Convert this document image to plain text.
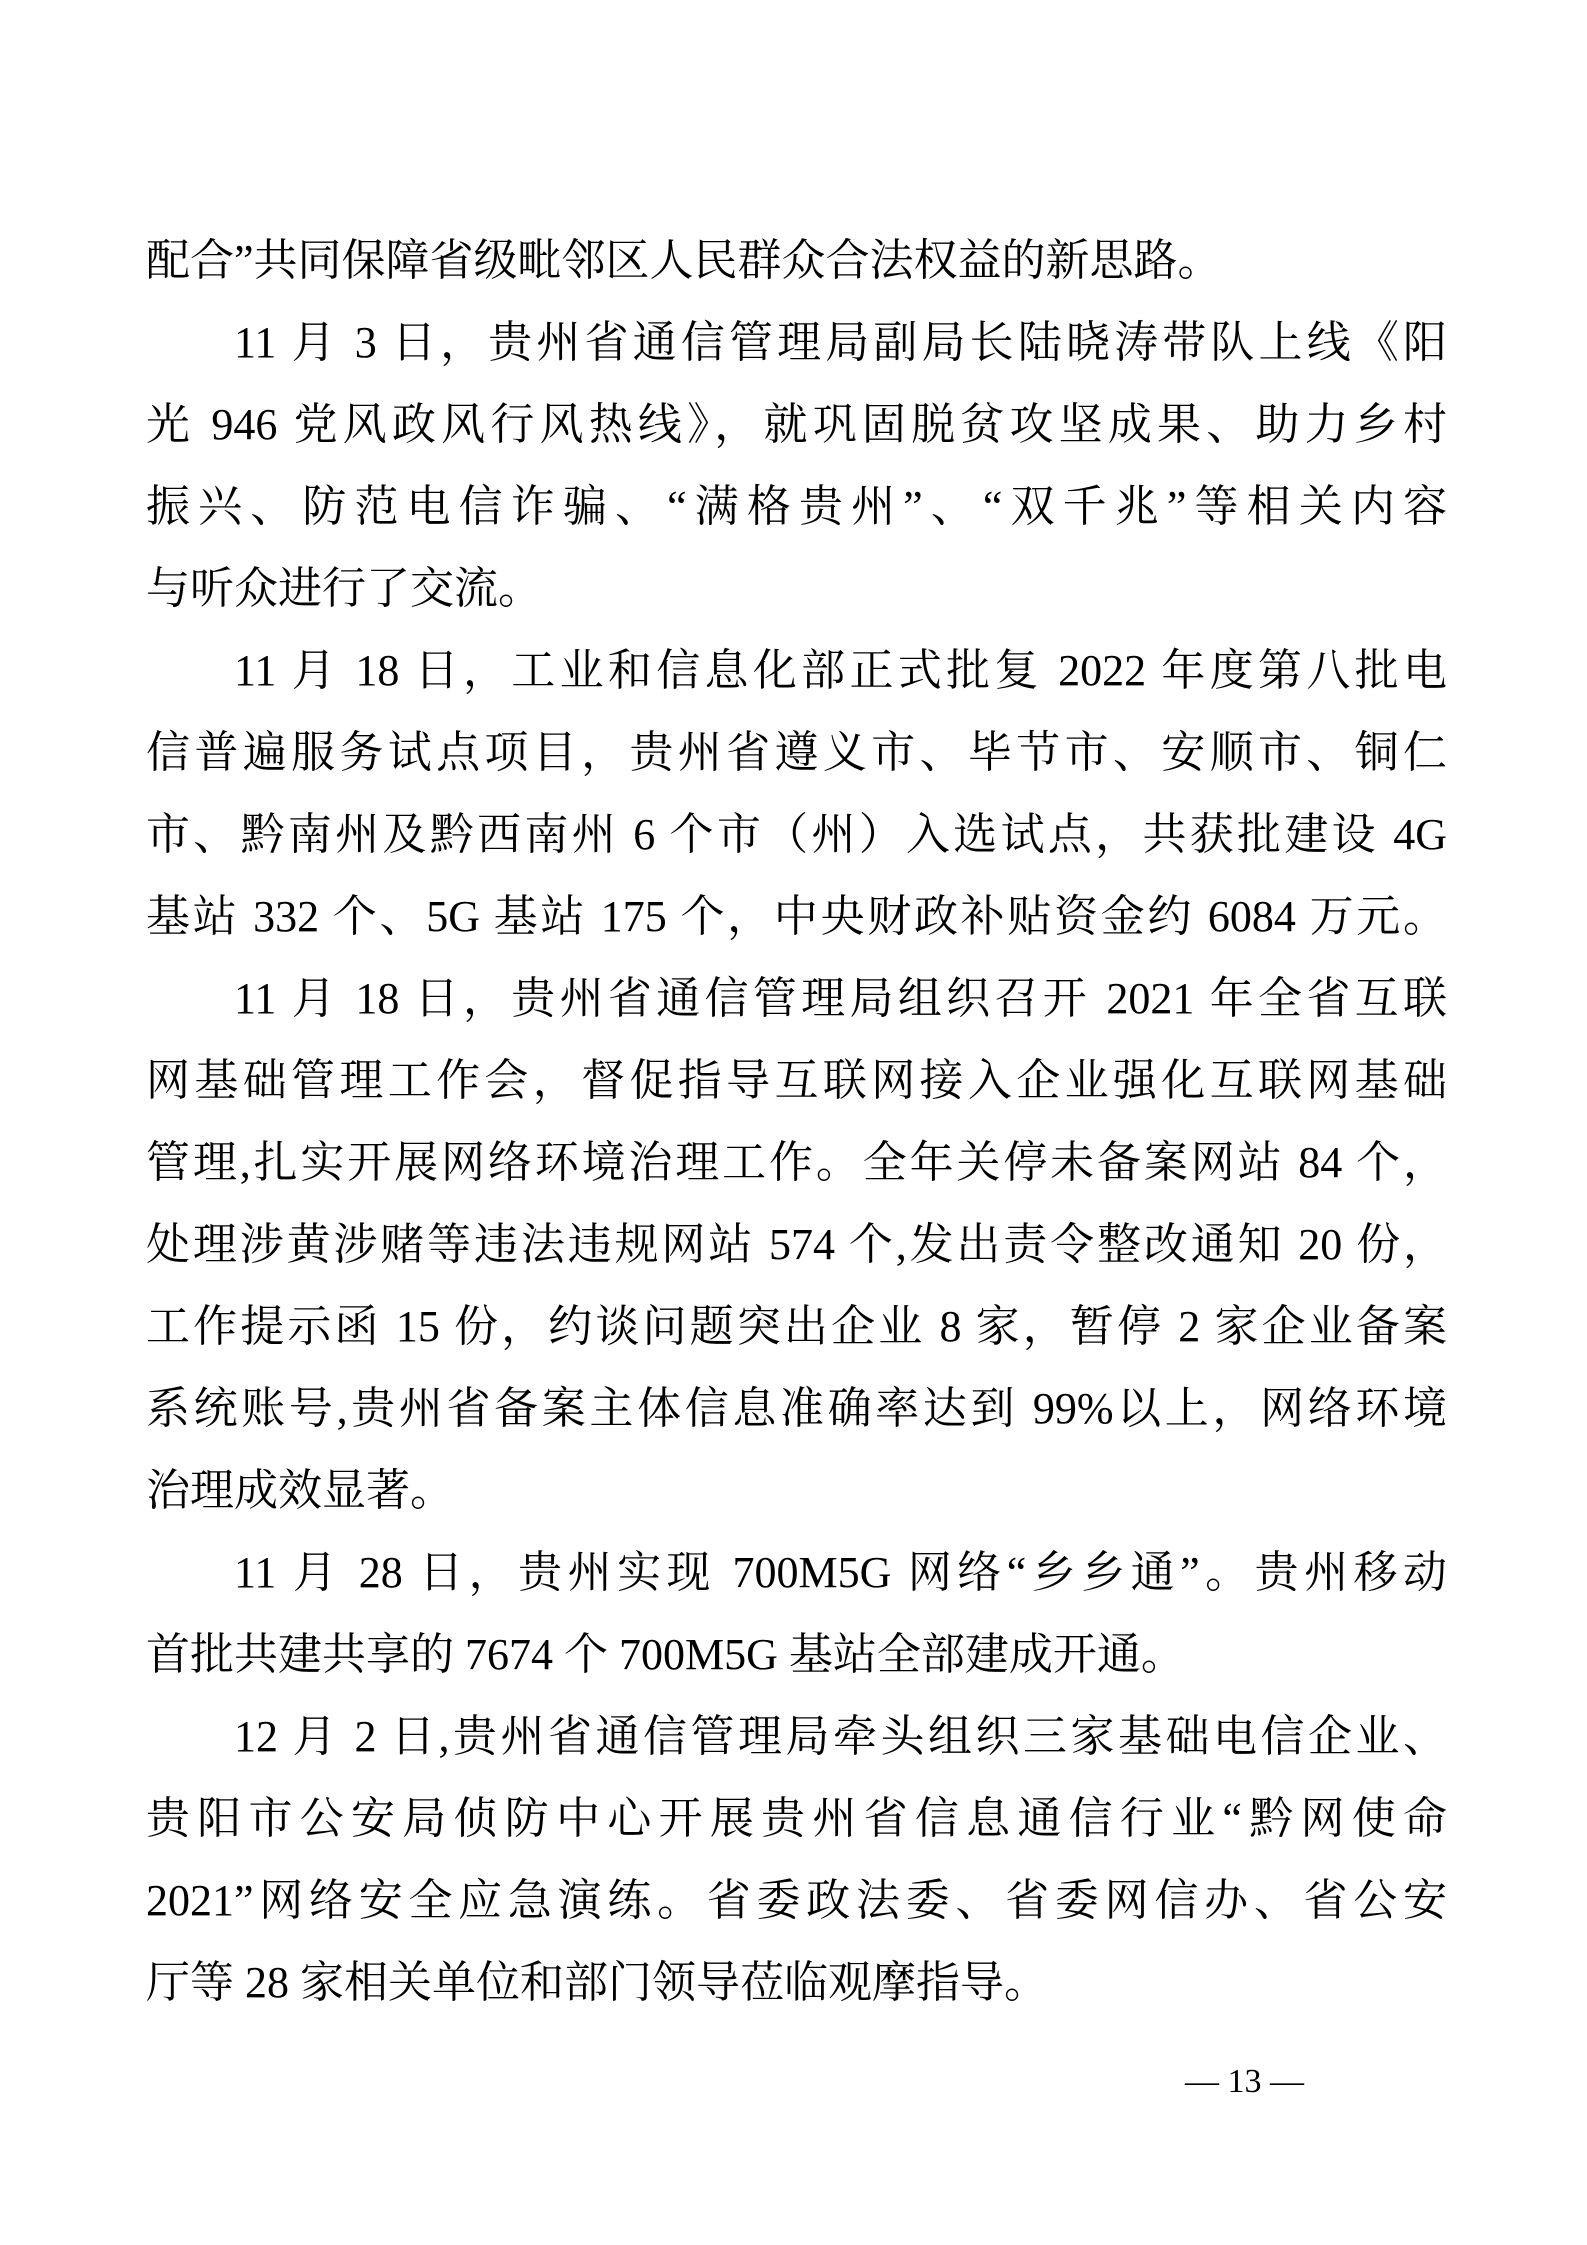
配合”共同保障省级毗邻区人民群众合法权益的新思路。
11 月 3 日，贵州省通信管理局副局长陆晓涛带队上线《阳
光 946 党风政风行风热线》，就巩固脱贫攻坚成果、助力乡村
振兴、防范电信诈骗、“满格贵州”、“双千兆”等相关内容
与听众进行了交流。
11 月 18 日，工业和信息化部正式批复 2022 年度第八批电
信普遍服务试点项目，贵州省遵义市、毕节市、安顺市、铜仁
市、黔南州及黔西南州 6 个市（州）入选试点，共获批建设 4G
基站 332 个、5G 基站 175 个，中央财政补贴资金约 6084 万元。
11 月 18 日，贵州省通信管理局组织召开 2021 年全省互联
网基础管理工作会，督促指导互联网接入企业强化互联网基础
管理,扎实开展网络环境治理工作。全年关停未备案网站 84 个，
处理涉黄涉赌等违法违规网站 574 个,发出责令整改通知 20 份，
工作提示函 15 份，约谈问题突出企业 8 家，暂停 2 家企业备案
系统账号,贵州省备案主体信息准确率达到 99%以上，网络环境
治理成效显著。
11 月 28 日，贵州实现 700M5G 网络“乡乡通”。贵州移动
首批共建共享的 7674 个 700M5G 基站全部建成开通。
12 月 2 日,贵州省通信管理局牵头组织三家基础电信企业、
贵阳市公安局侦防中心开展贵州省信息通信行业“黔网使命
2021”网络安全应急演练。省委政法委、省委网信办、省公安
厅等 28 家相关单位和部门领导莅临观摩指导。
— 13 —
